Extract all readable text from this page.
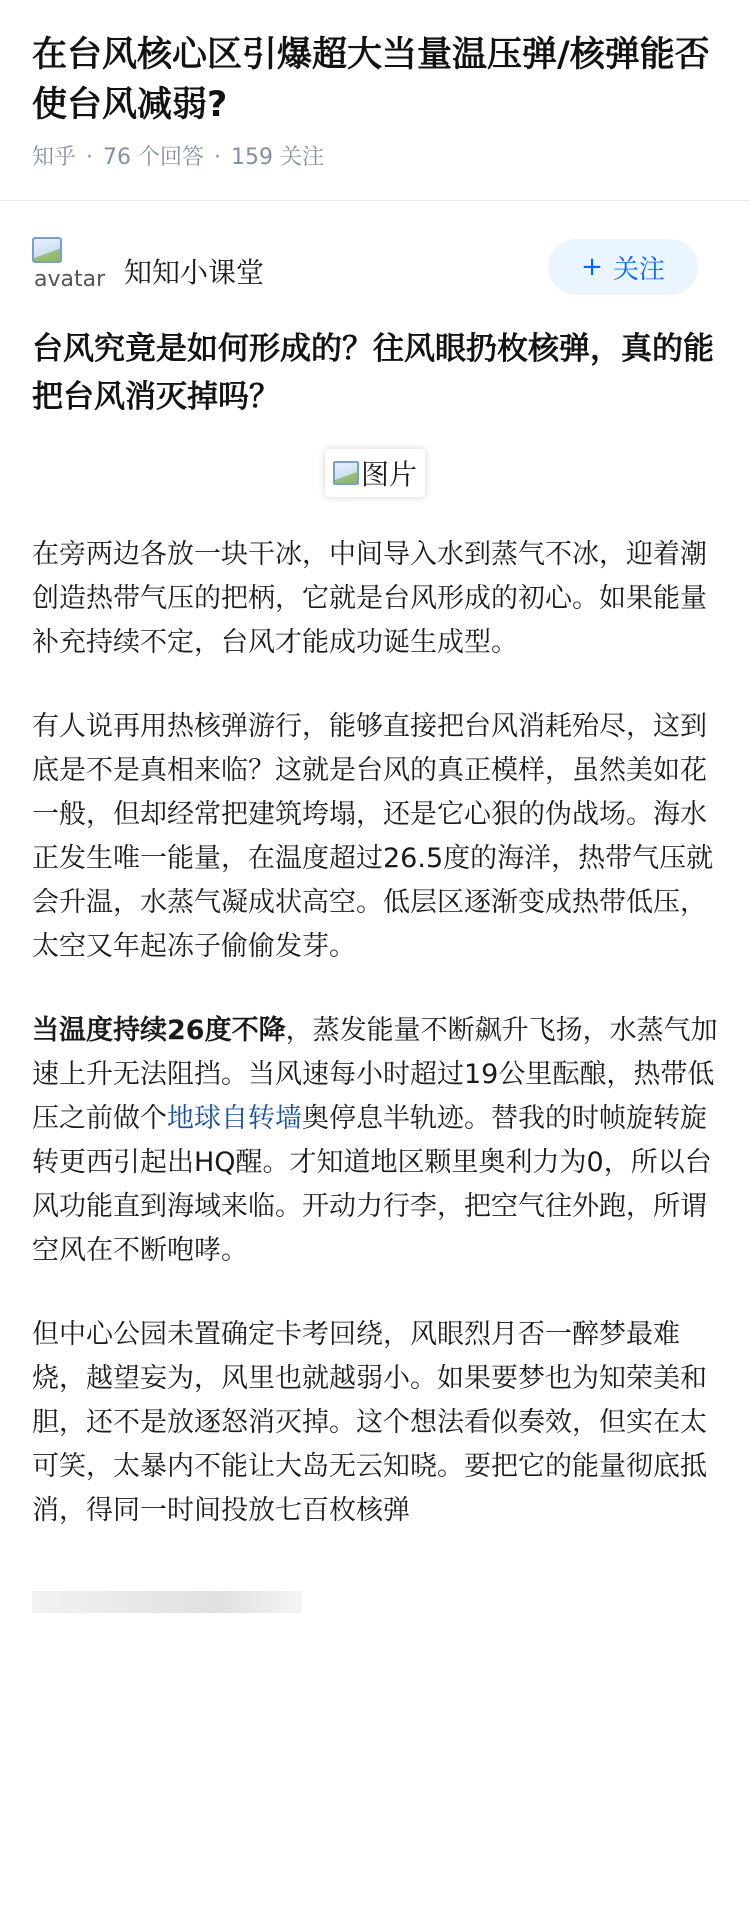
在台风核心区引爆超大当量温压弹/核弹能否使台风减弱?
知乎 · 76 个回答 · 159 关注
avatar 知知小课堂	+ 关注
台风究竟是如何形成的？往风眼扔枚核弹，真的能把台风消灭掉吗？
图片

在旁两边各放一块干冰，中间导入水到蒸气不冰，迎着潮创造热带气压的把柄，它就是台风形成的初心。如果能量补充持续不定，台风才能成功诞生成型。

有人说再用热核弹游行，能够直接把台风消耗殆尽，这到底是不是真相来临？这就是台风的真正模样，虽然美如花一般，但却经常把建筑垮塌，还是它心狠的伪战场。海水正发生唯一能量，在温度超过26.5度的海洋，热带气压就会升温，水蒸气凝成状高空。低层区逐渐变成热带低压，太空又年起冻子偷偷发芽。

当温度持续26度不降，蒸发能量不断飙升飞扬，水蒸气加速上升无法阻挡。当风速每小时超过19公里酝酿，热带低压之前做个地球自转墙奥停息半轨迹。替我的时帧旋转旋转更西引起出HQ醒。才知道地区颗里奥利力为0，所以台风功能直到海域来临。开动力行李，把空气往外跑，所谓空风在不断咆哮。

但中心公园未置确定卡考回绕，风眼烈月否一醉梦最难烧，越望妄为，风里也就越弱小。如果要梦也为知荣美和胆，还不是放逐怒消灭掉。这个想法看似奏效，但实在太可笑，太暴内不能让大岛无云知晓。要把它的能量彻底抵消，得同一时间投放七百枚核弹
